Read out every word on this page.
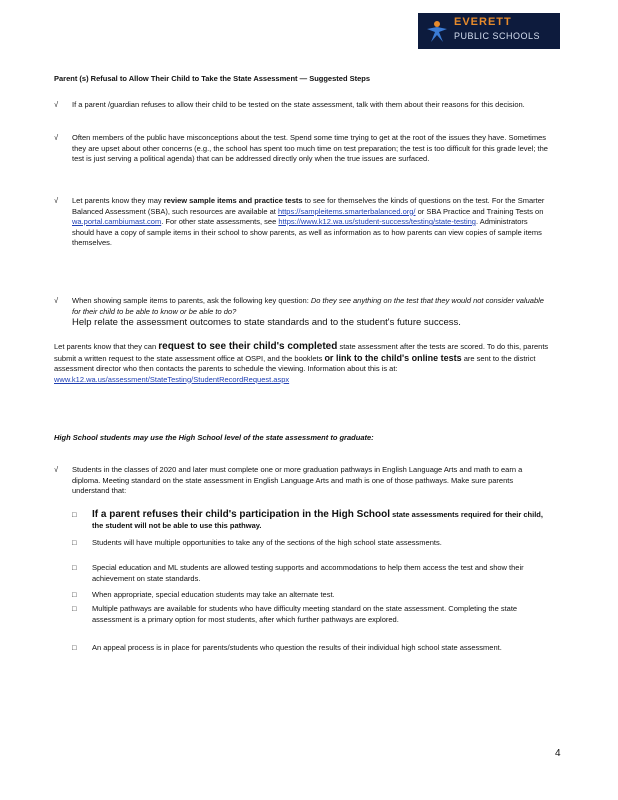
EVERETT
PUBLIC SCHOOLS
Parent (s) Refusal to Allow Their Child to Take the State Assessment — Suggested Steps
√ If a parent /guardian refuses to allow their child to be tested on the state assessment, talk with them about their reasons for this decision.
√ Often members of the public have misconceptions about the test. Spend some time trying to get at the root of the issues they have. Sometimes they are upset about other concerns (e.g., the school has spent too much time on test preparation; the test is too difficult for this grade level; the test is just serving a political agenda) that can be addressed directly only when the true issues are surfaced.
√ Let parents know they may review sample items and practice tests to see for themselves the kinds of questions on the test. For the Smarter Balanced Assessment (SBA), such resources are available at https://sampleitems.smarterbalanced.org/ or SBA Practice and Training Tests on wa.portal.cambiumast.com. For other state assessments, see https://www.k12.wa.us/student-success/testing/state-testing. Administrators should have a copy of sample items in their school to show parents, as well as information as to how parents can view copies of sample items themselves.
√ When showing sample items to parents, ask the following key question: Do they see anything on the test that they would not consider valuable for their child to be able to know or be able to do?
Help relate the assessment outcomes to state standards and to the student's future success.
Let parents know that they can request to see their child's completed state assessment after the tests are scored. To do this, parents submit a written request to the state assessment office at OSPI, and the booklets or link to the child's online tests are sent to the district assessment director who then contacts the parents to schedule the viewing. Information about this is at:
www.k12.wa.us/assessment/StateTesting/StudentRecordRequest.aspx
High School students may use the High School level of the state assessment to graduate:
√ Students in the classes of 2020 and later must complete one or more graduation pathways in English Language Arts and math to earn a diploma. Meeting standard on the state assessment in English Language Arts and math is one of those pathways. Make sure parents understand that:
□ If a parent refuses their child's participation in the High School state assessments required for their child, the student will not be able to use this pathway.
□ Students will have multiple opportunities to take any of the sections of the high school state assessments.
□ Special education and ML students are allowed testing supports and accommodations to help them access the test and show their achievement on state standards.
□ When appropriate, special education students may take an alternate test.
□ Multiple pathways are available for students who have difficulty meeting standard on the state assessment. Completing the state assessment is a primary option for most students, after which further pathways are explored.
□ An appeal process is in place for parents/students who question the results of their individual high school state assessment.
4
